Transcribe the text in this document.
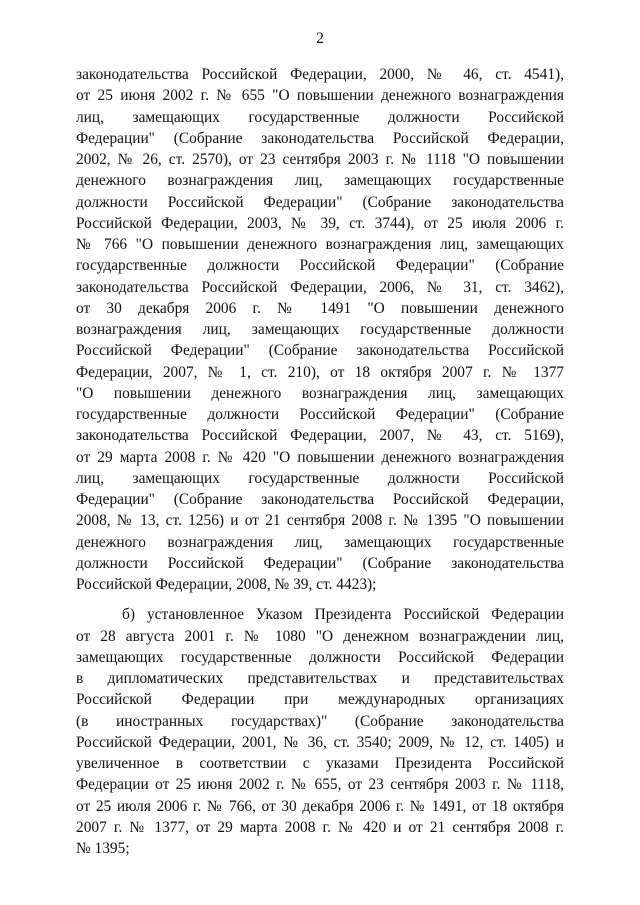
2
законодательства Российской Федерации, 2000, № 46, ст. 4541),
от 25 июня 2002 г. № 655 "О повышении денежного вознаграждения
лиц, замещающих государственные должности Российской
Федерации" (Собрание законодательства Российской Федерации,
2002, № 26, ст. 2570), от 23 сентября 2003 г. № 1118 "О повышении
денежного вознаграждения лиц, замещающих государственные
должности Российской Федерации" (Собрание законодательства
Российской Федерации, 2003, № 39, ст. 3744), от 25 июля 2006 г.
№ 766 "О повышении денежного вознаграждения лиц, замещающих
государственные должности Российской Федерации" (Собрание
законодательства Российской Федерации, 2006, № 31, ст. 3462),
от 30 декабря 2006 г. № 1491 "О повышении денежного
вознаграждения лиц, замещающих государственные должности
Российской Федерации" (Собрание законодательства Российской
Федерации, 2007, № 1, ст. 210), от 18 октября 2007 г. № 1377
"О повышении денежного вознаграждения лиц, замещающих
государственные должности Российской Федерации" (Собрание
законодательства Российской Федерации, 2007, № 43, ст. 5169),
от 29 марта 2008 г. № 420 "О повышении денежного вознаграждения
лиц, замещающих государственные должности Российской
Федерации" (Собрание законодательства Российской Федерации,
2008, № 13, ст. 1256) и от 21 сентября 2008 г. № 1395 "О повышении
денежного вознаграждения лиц, замещающих государственные
должности Российской Федерации" (Собрание законодательства
Российской Федерации, 2008, № 39, ст. 4423);
б) установленное Указом Президента Российской Федерации
от 28 августа 2001 г. № 1080 "О денежном вознаграждении лиц,
замещающих государственные должности Российской Федерации
в дипломатических представительствах и представительствах
Российской Федерации при международных организациях
(в иностранных государствах)" (Собрание законодательства
Российской Федерации, 2001, № 36, ст. 3540; 2009, № 12, ст. 1405) и
увеличенное в соответствии с указами Президента Российской
Федерации от 25 июня 2002 г. № 655, от 23 сентября 2003 г. № 1118,
от 25 июля 2006 г. № 766, от 30 декабря 2006 г. № 1491, от 18 октября
2007 г. № 1377, от 29 марта 2008 г. № 420 и от 21 сентября 2008 г.
№ 1395;
